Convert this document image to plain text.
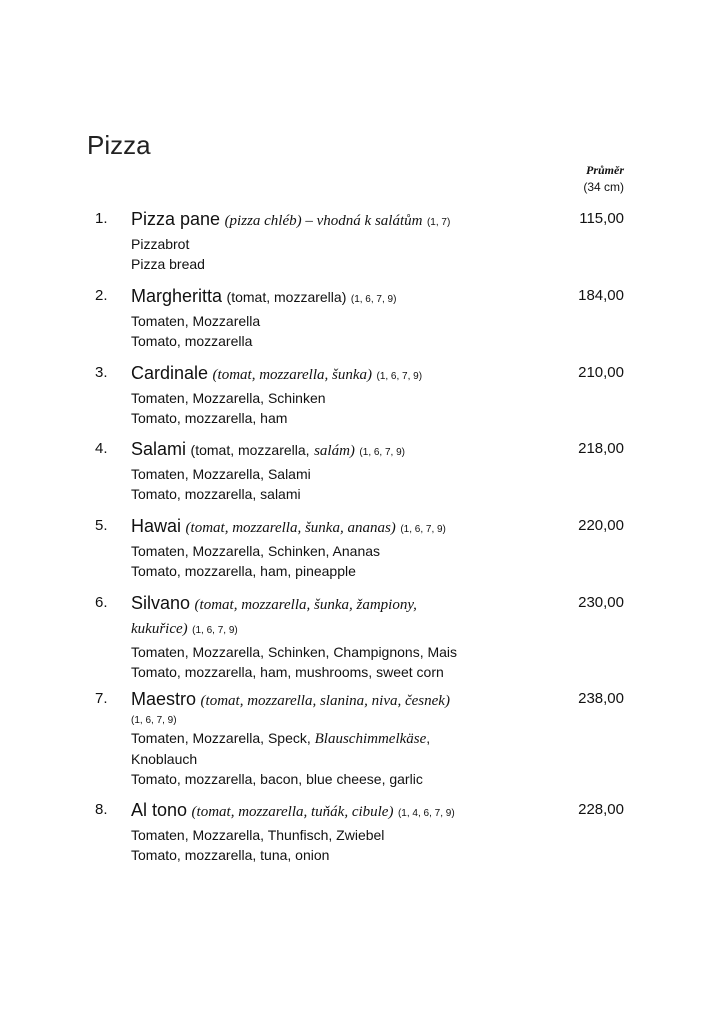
Pizza
Průměr
(34 cm)
1. Pizza pane (pizza chléb) – vhodná k salátům (1, 7)
Pizzabrot
Pizza bread
115,00
2. Margheritta (tomat, mozzarella) (1, 6, 7, 9)
Tomaten, Mozzarella
Tomato, mozzarella
184,00
3. Cardinale (tomat, mozzarella, šunka) (1, 6, 7, 9)
Tomaten, Mozzarella, Schinken
Tomato, mozzarella, ham
210,00
4. Salami (tomat, mozzarella, salám) (1, 6, 7, 9)
Tomaten, Mozzarella, Salami
Tomato, mozzarella, salami
218,00
5. Hawai (tomat, mozzarella, šunka, ananas) (1, 6, 7, 9)
Tomaten, Mozzarella, Schinken, Ananas
Tomato, mozzarella, ham, pineapple
220,00
6. Silvano (tomat, mozzarella, šunka, žampiony,
kukuřice) (1, 6, 7, 9)
Tomaten, Mozzarella, Schinken, Champignons, Mais
Tomato, mozzarella, ham, mushrooms, sweet corn
230,00
7. Maestro (tomat, mozzarella, slanina, niva, česnek)
(1, 6, 7, 9)
Tomaten, Mozzarella, Speck, Blauschimmelkäse,
Knoblauch
Tomato, mozzarella, bacon, blue cheese, garlic
238,00
8. Al tono (tomat, mozzarella, tuňák, cibule) (1, 4, 6, 7, 9)
Tomaten, Mozzarella, Thunfisch, Zwiebel
Tomato, mozzarella, tuna, onion
228,00
